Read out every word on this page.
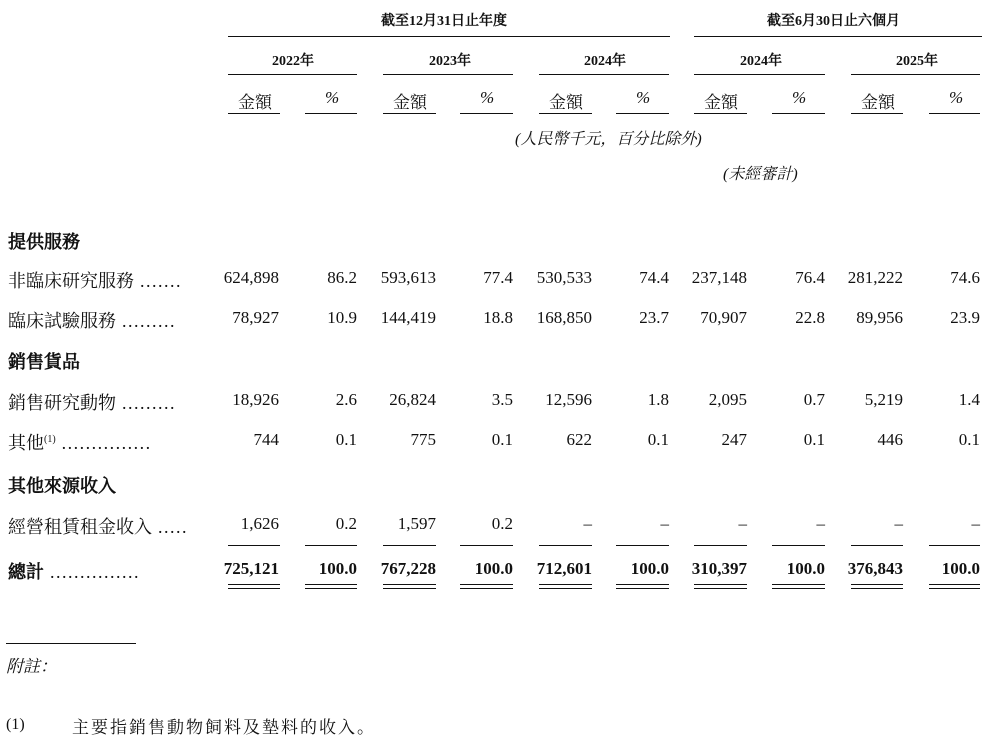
截至12月31日止年度	截至6月30日止六個月
2022年	2023年	2024年	2024年	2025年
金額	%	金額	%	金額	%	金額	%	金額	%
(人民幣千元，百分比除外)
(未經審計)
提供服務
非臨床研究服務 ....... 624,898	86.2 593,613	77.4 530,533	74.4 237,148	76.4 281,222	74.6
臨床試驗服務 .........	78,927	10.9 144,419	18.8 168,850	23.7 70,907	22.8 89,956	23.9
銷售貨品
銷售研究動物 .........	18,926	2.6 26,824	3.5 12,596	1.8 2,095	0.7 5,219	1.4
其他$^{(1)}$ ...............	744	0.1	775	0.1	622	0.1	247	0.1	446	0.1
其他來源收入
經營租賃租金收入 .....	1,626	0.2 1,597	0.2	–	–	–	–	–	–
總計 ...............	725,121 100.0 767,228 100.0 712,601 100.0 310,397 100.0 376,843 100.0
附註：
(1)	主要指銷售動物飼料及墊料的收入。
